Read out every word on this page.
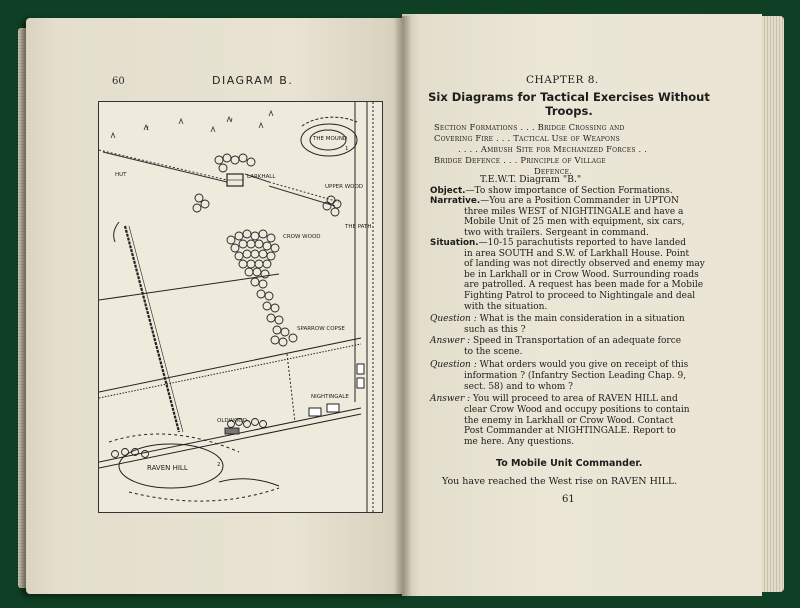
60	DIAGRAM B.
THE MOUND
1
LARKHALL
UPPER WOOD
THE PATH
HUT
CROW WOOD
SPARROW COPSE
NIGHTINGALE
OLDWOOD
RAVEN HILL	2
CHAPTER 8.
Six Diagrams for Tactical Exercises Without
Troops.
Section Formations . . . Bridge Crossing and
Covering Fire . . . Tactical Use of Weapons
. . . . Ambush Site for Mechanized Forces . .
Bridge Defence . . . Principle of Village
Defence.
T.E.W.T. Diagram "B."
Object.—To show importance of Section Formations.
Narrative.—You are a Position Commander in UPTON
three miles WEST of NIGHTINGALE and have a
Mobile Unit of 25 men with equipment, six cars,
two with trailers. Sergeant in command.
Situation.—10-15 parachutists reported to have landed
in area SOUTH and S.W. of Larkhall House. Point
of landing was not directly observed and enemy may
be in Larkhall or in Crow Wood. Surrounding roads
are patrolled. A request has been made for a Mobile
Fighting Patrol to proceed to Nightingale and deal
with the situation.
Question : What is the main consideration in a situation
such as this ?
Answer : Speed in Transportation of an adequate force
to the scene.
Question : What orders would you give on receipt of this
information ? (Infantry Section Leading Chap. 9,
sect. 58) and to whom ?
Answer : You will proceed to area of RAVEN HILL and
clear Crow Wood and occupy positions to contain
the enemy in Larkhall or Crow Wood. Contact
Post Commander at NIGHTINGALE. Report to
me here. Any questions.
To Mobile Unit Commander.
You have reached the West rise on RAVEN HILL.
61
